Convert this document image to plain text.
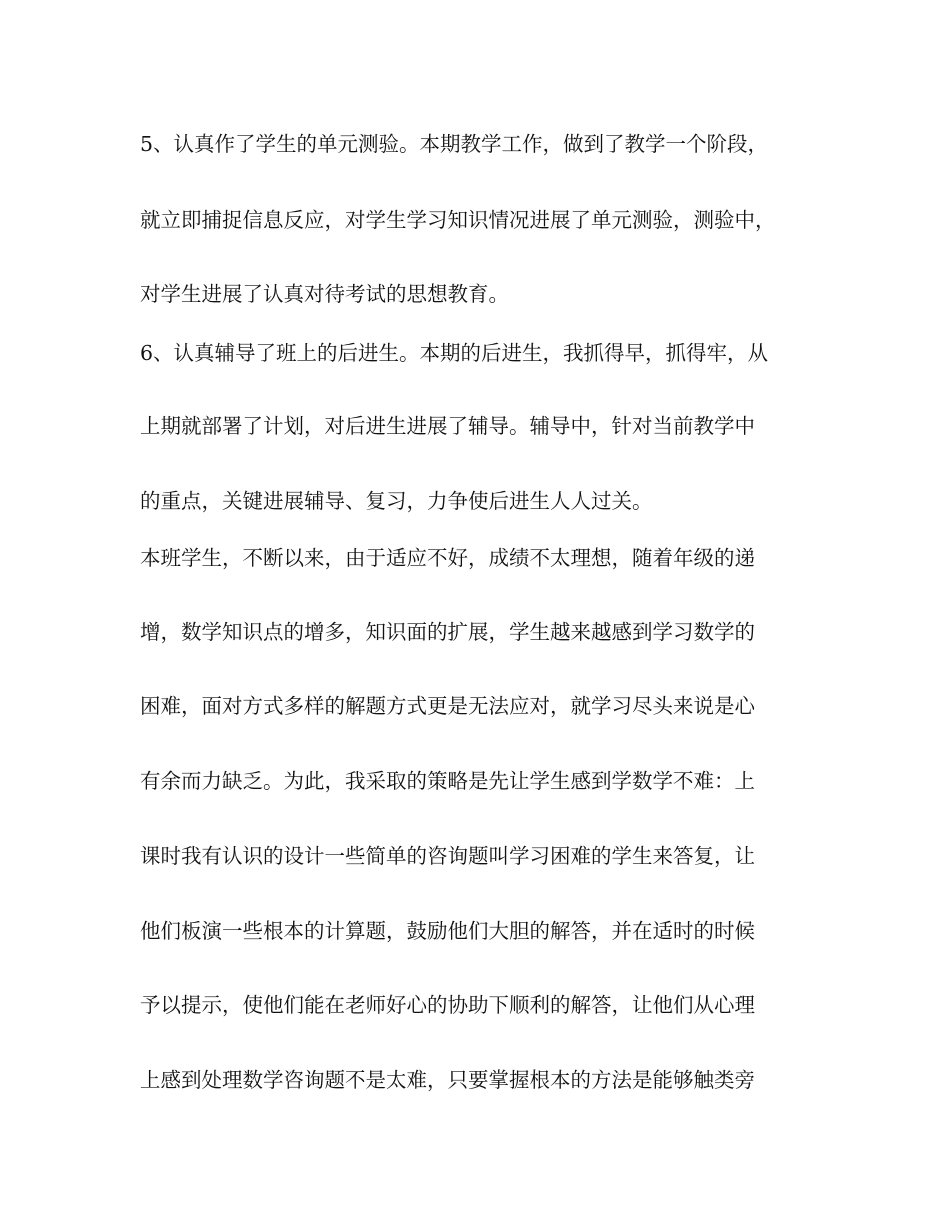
5、认真作了学生的单元测验。本期教学工作，做到了教学一个阶段，
就立即捕捉信息反应，对学生学习知识情况进展了单元测验，测验中，
对学生进展了认真对待考试的思想教育。
6、认真辅导了班上的后进生。本期的后进生，我抓得早，抓得牢，从
上期就部署了计划，对后进生进展了辅导。辅导中，针对当前教学中
的重点，关键进展辅导、复习，力争使后进生人人过关。
本班学生，不断以来，由于适应不好，成绩不太理想，随着年级的递
增，数学知识点的增多，知识面的扩展，学生越来越感到学习数学的
困难，面对方式多样的解题方式更是无法应对，就学习尽头来说是心
有余而力缺乏。为此，我采取的策略是先让学生感到学数学不难：上
课时我有认识的设计一些简单的咨询题叫学习困难的学生来答复，让
他们板演一些根本的计算题，鼓励他们大胆的解答，并在适时的时候
予以提示，使他们能在老师好心的协助下顺利的解答，让他们从心理
上感到处理数学咨询题不是太难，只要掌握根本的方法是能够触类旁
